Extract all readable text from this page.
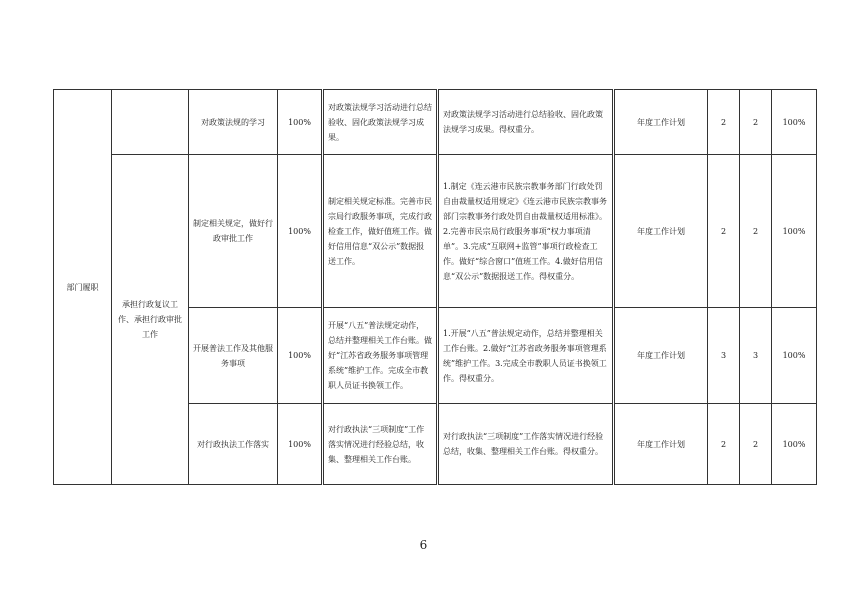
部门履职		对政策法规的学习	100%	对政策法规学习活动进行总结验收、固化政策法规学习成果。	对政策法规学习活动进行总结验收、固化政策法规学习成果。得权重分。	年度工作计划	2	2	100%
	承担行政复议工作、承担行政审批工作	制定相关规定，做好行政审批工作	100%	制定相关规定标准。完善市民宗局行政服务事项，完成行政检查工作，做好值班工作。做好信用信息“双公示”数据报送工作。	1.制定《连云港市民族宗教事务部门行政处罚自由裁量权适用规定》《连云港市民族宗教事务部门宗教事务行政处罚自由裁量权适用标准》。2.完善市民宗局行政服务事项“权力事项清单”。3.完成“互联网+监管”事项行政检查工作。做好“综合窗口”值班工作。4.做好信用信息“双公示”数据报送工作。得权重分。	年度工作计划	2	2	100%
		开展普法工作及其他服务事项	100%	开展“八五”普法规定动作，总结并整理相关工作台账。做好“江苏省政务服务事项管理系统”维护工作。完成全市教职人员证书换领工作。	1.开展“八五”普法规定动作，总结并整理相关工作台账。2.做好“江苏省政务服务事项管理系统”维护工作。3.完成全市教职人员证书换领工作。得权重分。	年度工作计划	3	3	100%
		对行政执法工作落实	100%	对行政执法“三项制度”工作落实情况进行经验总结，收集、整理相关工作台账。	对行政执法“三项制度”工作落实情况进行经验总结，收集、整理相关工作台账。得权重分。	年度工作计划	2	2	100%
6
